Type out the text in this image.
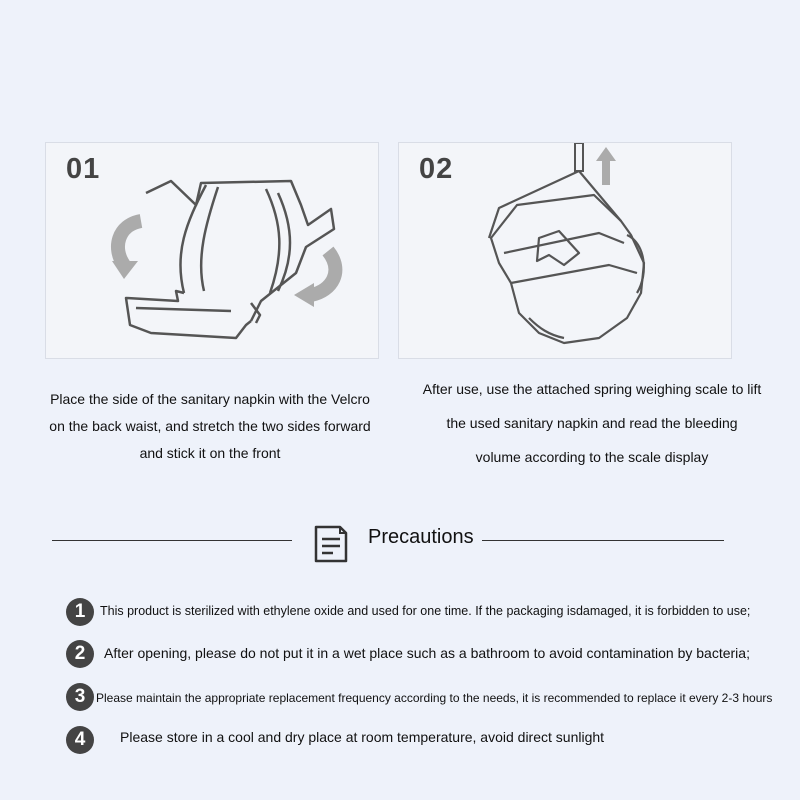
01	02
Place the side of the sanitary napkin with the Velcro
on the back waist, and stretch the two sides forward
and stick it on the front
After use, use the attached spring weighing scale to lift
the used sanitary napkin and read the bleeding
volume according to the scale display
Precautions
1	This product is sterilized with ethylene oxide and used for one time. If the packaging isdamaged, it is forbidden to use;
2	After opening, please do not put it in a wet place such as a bathroom to avoid contamination by bacteria;
3 Please maintain the appropriate replacement frequency according to the needs, it is recommended to replace it every 2-3 hours
4	Please store in a cool and dry place at room temperature, avoid direct sunlight
